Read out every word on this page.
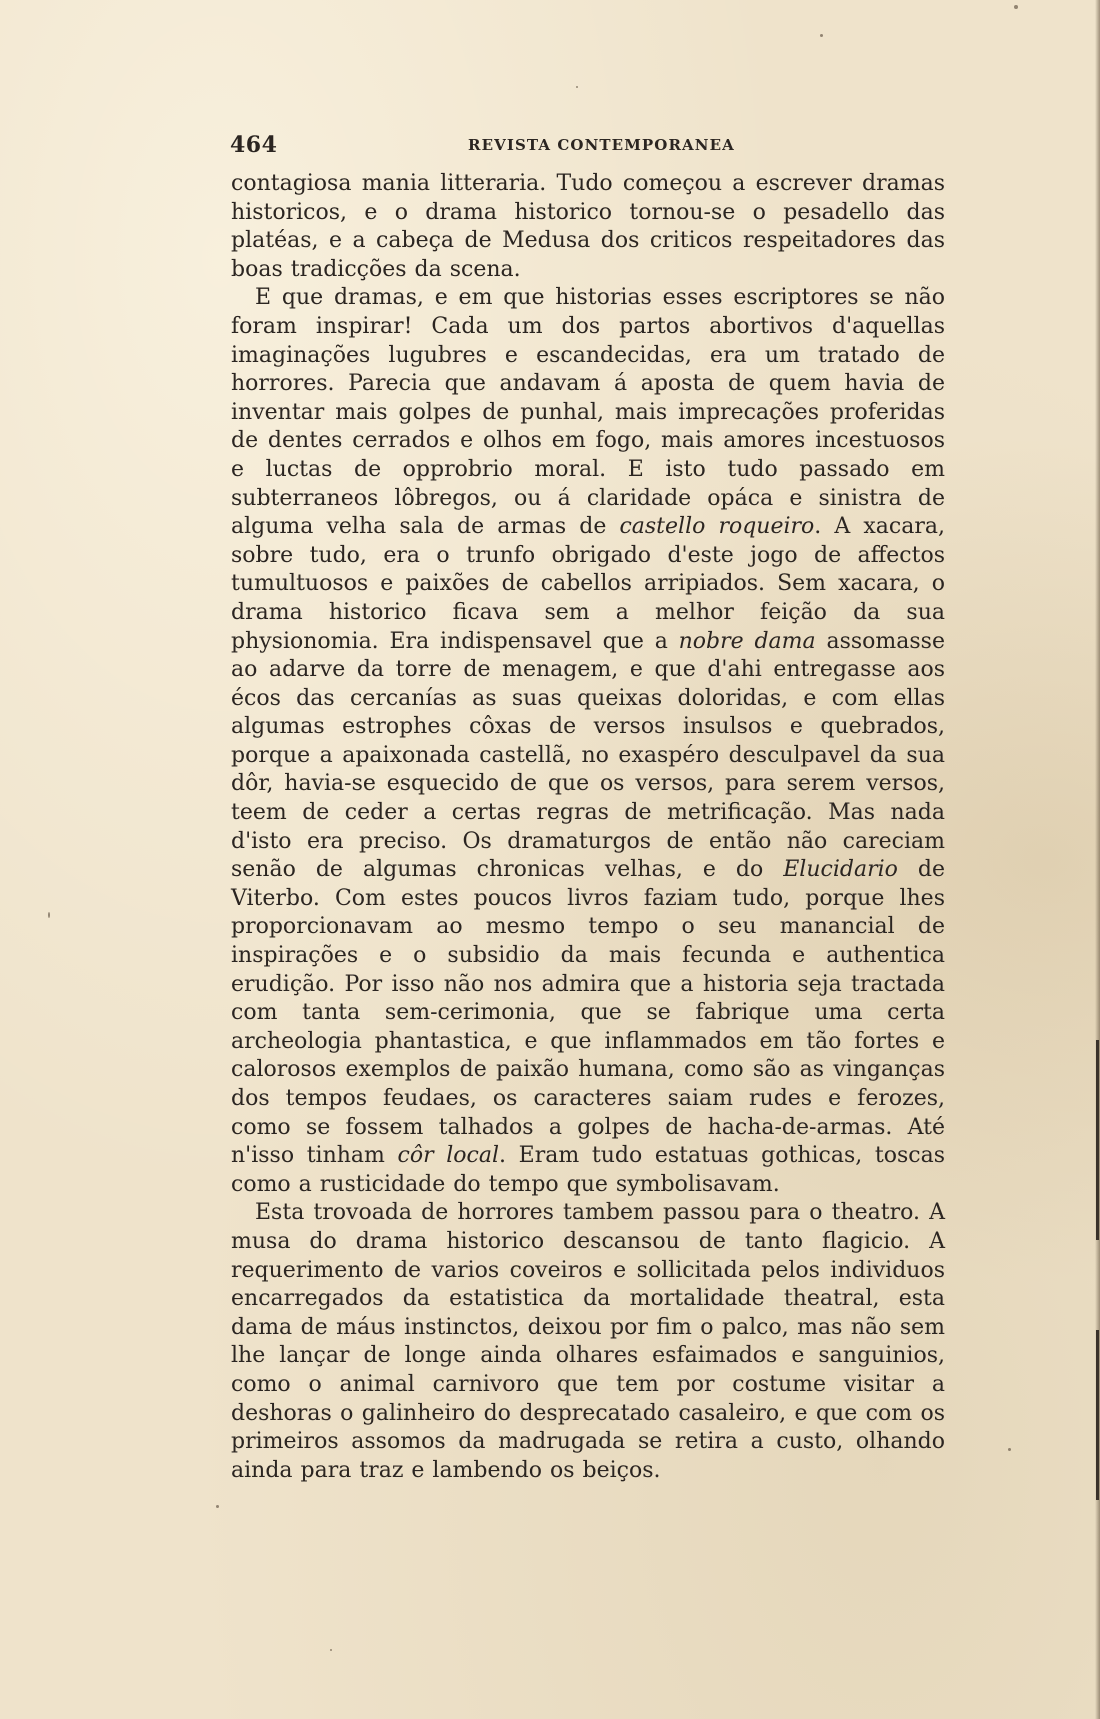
464	REVISTA CONTEMPORANEA

contagiosa mania litteraria. Tudo começou a escrever dramas historicos, e o drama historico tornou-se o pesadello das platéas, e a cabeça de Medusa dos criticos respeitadores das boas tradicções da scena.

E que dramas, e em que historias esses escriptores se não foram inspirar! Cada um dos partos abortivos d'aquellas imaginações lugubres e escandecidas, era um tratado de horrores. Parecia que andavam á aposta de quem havia de inventar mais golpes de punhal, mais imprecações proferidas de dentes cerrados e olhos em fogo, mais amores incestuosos e luctas de opprobrio moral. E isto tudo passado em subterraneos lôbregos, ou á claridade opáca e sinistra de alguma velha sala de armas de castello roqueiro. A xacara, sobre tudo, era o trunfo obrigado d'este jogo de affectos tumultuosos e paixões de cabellos arripiados. Sem xacara, o drama historico ficava sem a melhor feição da sua physionomia. Era indispensavel que a nobre dama assomasse ao adarve da torre de menagem, e que d'ahi entregasse aos écos das cercanías as suas queixas doloridas, e com ellas algumas estrophes côxas de versos insulsos e quebrados, porque a apaixonada castellã, no exaspéro desculpavel da sua dôr, havia-se esquecido de que os versos, para serem versos, teem de ceder a certas regras de metrificação. Mas nada d'isto era preciso. Os dramaturgos de então não careciam senão de algumas chronicas velhas, e do Elucidario de Viterbo. Com estes poucos livros faziam tudo, porque lhes proporcionavam ao mesmo tempo o seu manancial de inspirações e o subsidio da mais fecunda e authentica erudição. Por isso não nos admira que a historia seja tractada com tanta sem-cerimonia, que se fabrique uma certa archeologia phantastica, e que inflammados em tão fortes e calorosos exemplos de paixão humana, como são as vinganças dos tempos feudaes, os caracteres saiam rudes e ferozes, como se fossem talhados a golpes de hacha-de-armas. Até n'isso tinham côr local. Eram tudo estatuas gothicas, toscas como a rusticidade do tempo que symbolisavam.

Esta trovoada de horrores tambem passou para o theatro. A musa do drama historico descansou de tanto flagicio. A requerimento de varios coveiros e sollicitada pelos individuos encarregados da estatistica da mortalidade theatral, esta dama de máus instinctos, deixou por fim o palco, mas não sem lhe lançar de longe ainda olhares esfaimados e sanguinios, como o animal carnivoro que tem por costume visitar a deshoras o galinheiro do desprecatado casaleiro, e que com os primeiros assomos da madrugada se retira a custo, olhando ainda para traz e lambendo os beiços.
